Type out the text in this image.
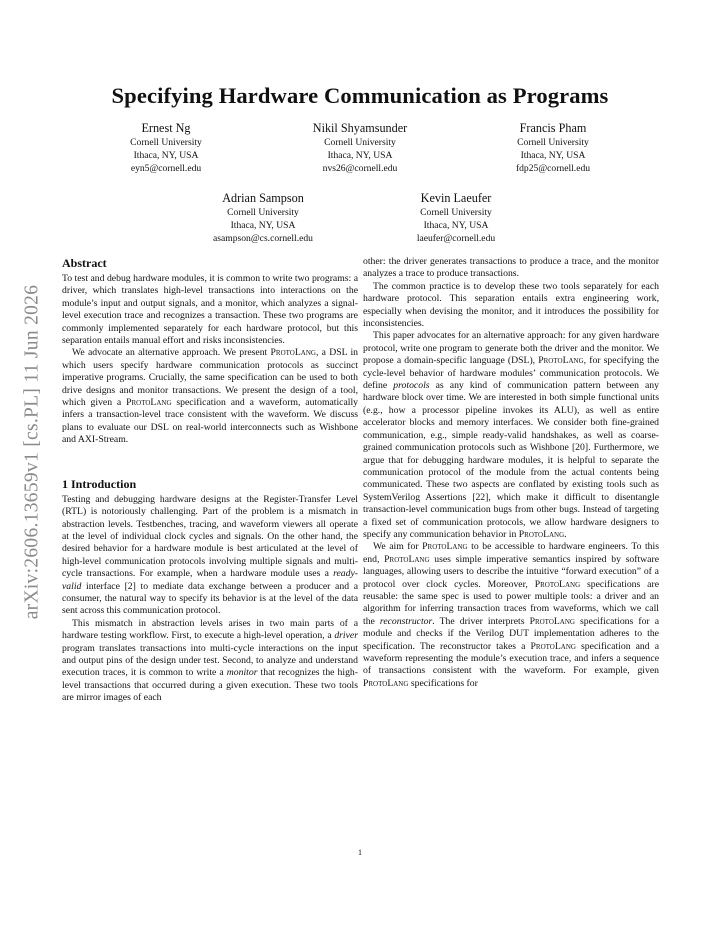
arXiv:2606.13659v1 [cs.PL] 11 Jun 2026
Specifying Hardware Communication as Programs
Ernest Ng
Cornell University
Ithaca, NY, USA
eyn5@cornell.edu
Nikil Shyamsunder
Cornell University
Ithaca, NY, USA
nvs26@cornell.edu
Francis Pham
Cornell University
Ithaca, NY, USA
fdp25@cornell.edu
Adrian Sampson
Cornell University
Ithaca, NY, USA
asampson@cs.cornell.edu
Kevin Laeufer
Cornell University
Ithaca, NY, USA
laeufer@cornell.edu
Abstract

To test and debug hardware modules, it is common to write two programs: a driver, which translates high-level transactions into interactions on the module’s input and output signals, and a monitor, which analyzes a signal-level execution trace and recognizes a transaction. These two programs are commonly implemented separately for each hardware protocol, but this separation entails manual effort and risks inconsistencies.

We advocate an alternative approach. We present ProtoLang, a DSL in which users specify hardware communication protocols as succinct imperative programs. Crucially, the same specification can be used to both drive designs and monitor transactions. We present the design of a tool, which given a ProtoLang specification and a waveform, automatically infers a transaction-level trace consistent with the waveform. We discuss plans to evaluate our DSL on real-world interconnects such as Wishbone and AXI-Stream.

1 Introduction

Testing and debugging hardware designs at the Register-Transfer Level (RTL) is notoriously challenging. Part of the problem is a mismatch in abstraction levels. Testbenches, tracing, and waveform viewers all operate at the level of individual clock cycles and signals. On the other hand, the desired behavior for a hardware module is best articulated at the level of high-level communication protocols involving multiple signals and multi-cycle transactions. For example, when a hardware module uses a ready-valid interface [2] to mediate data exchange between a producer and a consumer, the natural way to specify its behavior is at the level of the data sent across this communication protocol.

This mismatch in abstraction levels arises in two main parts of a hardware testing workflow. First, to execute a high-level operation, a driver program translates transactions into multi-cycle interactions on the input and output pins of the design under test. Second, to analyze and understand execution traces, it is common to write a monitor that recognizes the high-level transactions that occurred during a given execution. These two tools are mirror images of each

other: the driver generates transactions to produce a trace, and the monitor analyzes a trace to produce transactions.

The common practice is to develop these two tools separately for each hardware protocol. This separation entails extra engineering work, especially when devising the monitor, and it introduces the possibility for inconsistencies.

This paper advocates for an alternative approach: for any given hardware protocol, write one program to generate both the driver and the monitor. We propose a domain-specific language (DSL), ProtoLang, for specifying the cycle-level behavior of hardware modules’ communication protocols. We define protocols as any kind of communication pattern between any hardware block over time. We are interested in both simple functional units (e.g., how a processor pipeline invokes its ALU), as well as entire accelerator blocks and memory interfaces. We consider both fine-grained communication, e.g., simple ready-valid handshakes, as well as coarse-grained communication protocols such as Wishbone [20]. Furthermore, we argue that for debugging hardware modules, it is helpful to separate the communication protocol of the module from the actual contents being communicated. These two aspects are conflated by existing tools such as SystemVerilog Assertions [22], which make it difficult to disentangle transaction-level communication bugs from other bugs. Instead of targeting a fixed set of communication protocols, we allow hardware designers to specify any communication behavior in ProtoLang.

We aim for ProtoLang to be accessible to hardware engineers. To this end, ProtoLang uses simple imperative semantics inspired by software languages, allowing users to describe the intuitive “forward execution” of a protocol over clock cycles. Moreover, ProtoLang specifications are reusable: the same spec is used to power multiple tools: a driver and an algorithm for inferring transaction traces from waveforms, which we call the reconstructor. The driver interprets ProtoLang specifications for a module and checks if the Verilog DUT implementation adheres to the specification. The reconstructor takes a ProtoLang specification and a waveform representing the module’s execution trace, and infers a sequence of transactions consistent with the waveform. For example, given ProtoLang specifications for

1
